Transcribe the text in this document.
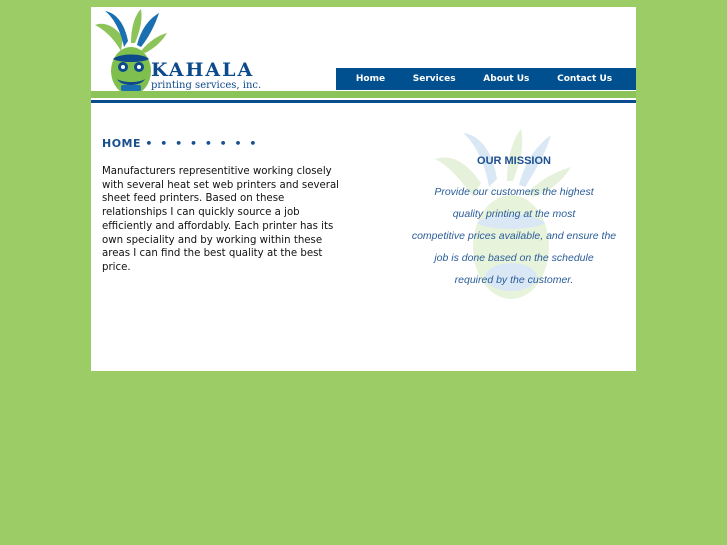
KAHALA
printing services, inc.
Home	Services	About Us	Contact Us
HOME • • • • • • • •

Manufacturers representitive working closely with several heat set web printers and several sheet feed printers. Based on these relationships I can quickly source a job efficiently and affordably. Each printer has its own speciality and by working within these areas I can find the best quality at the best price.

OUR MISSION
Provide our customers the highest
quality printing at the most
competitive prices available, and ensure the
job is done based on the schedule
required by the customer.
